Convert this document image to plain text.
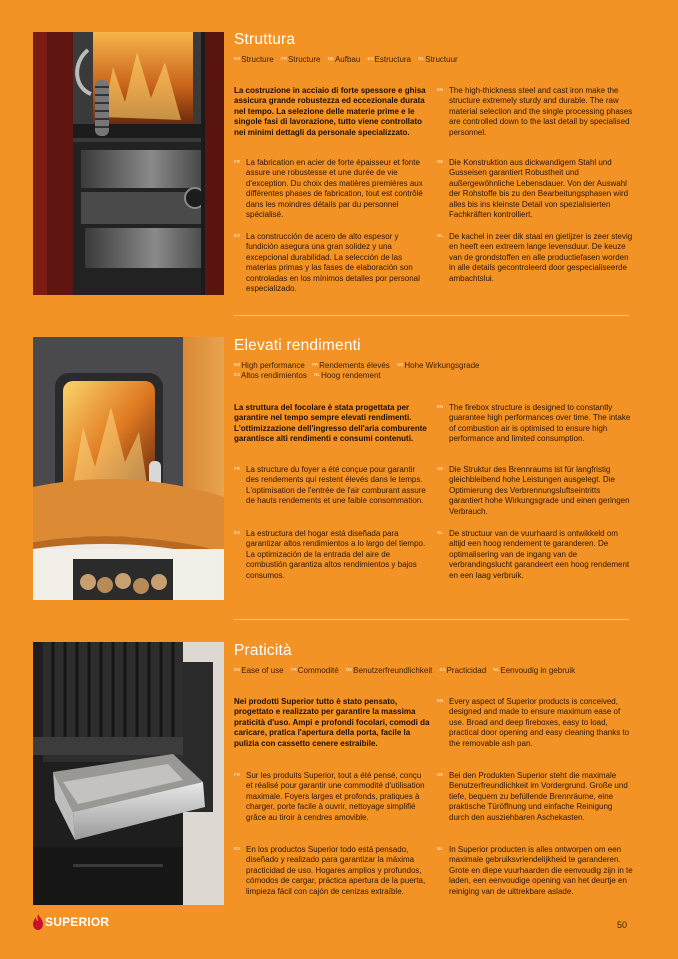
Struttura
ENStructure FRStructure DEAufbau ESEstructura NLStructuur
La costruzione in acciaio di forte spessore e ghisa assicura grande robustezza ed eccezionale durata nel tempo. La selezione delle materie prime e le singole fasi di lavorazione, tutto viene controllato nei minimi dettagli da personale specializzato.
FR La fabrication en acier de forte épaisseur et fonte assure une robustesse et une durée de vie d'exception. Du choix des matières premières aux différentes phases de fabrication, tout est contrôlé dans les moindres détails par du personnel spécialisé.
ES La construcción de acero de alto espesor y fundición asegura una gran solidez y una excepcional durabilidad. La selección de las materias primas y las fases de elaboración son controladas en los mínimos detalles por personal especializado.
EN The high-thickness steel and cast iron make the structure extremely sturdy and durable. The raw material selection and the single processing phases are controlled down to the last detail by specialised personnel.
DE Die Konstruktion aus dickwandigem Stahl und Gusseisen garantiert Robustheit und außergewöhnliche Lebensdauer. Von der Auswahl der Rohstoffe bis zu den Bearbeitungsphasen wird alles bis ins kleinste Detail von spezialisierten Fachkräften kontrolliert.
NL De kachel in zeer dik staal en gietijzer is zeer stevig en heeft een extreem lange levensduur. De keuze van de grondstoffen en alle productiefasen worden in alle details gecontroleerd door gespecialiseerde ambachtslui.
Elevati rendimenti
ENHigh performance FRRendements élevés DEHohe Wirkungsgrade ESAltos rendimientos NLHoog rendement
La struttura del focolare è stata progettata per garantire nel tempo sempre elevati rendimenti. L'ottimizzazione dell'ingresso dell'aria comburente garantisce alti rendimenti e consumi contenuti.
FR La structure du foyer a été conçue pour garantir des rendements qui restent élevés dans le temps. L'optimisation de l'entrée de l'air comburant assure de hauts rendements et une faible consommation.
ES La estructura del hogar está diseñada para garantizar altos rendimientos a lo largo del tiempo. La optimización de la entrada del aire de combustión garantiza altos rendimientos y bajos consumos.
EN The firebox structure is designed to constantly guarantee high performances over time. The intake of combustion air is optimised to ensure high performance and limited consumption.
DE Die Struktur des Brennraums ist für langfristig gleichbleibend hohe Leistungen ausgelegt. Die Optimierung des Verbrennungsluftseintritts garantiert hohe Wirkungsgrade und einen geringen Verbrauch.
NL De structuur van de vuurhaard is ontwikkeld om altijd een hoog rendement te garanderen. De optimalisering van de ingang van de verbrandingslucht garandeert een hoog rendement en een laag verbruik.
Praticità
ENEase of use FRCommodité DEBenutzerfreundlichkeit ESPracticidad NLEenvoudig in gebruik
Nei prodotti Superior tutto è stato pensato, progettato e realizzato per garantire la massima praticità d'uso. Ampi e profondi focolari, comodi da caricare, pratica l'apertura della porta, facile la pulizia con cassetto cenere estraibile.
FR Sur les produits Superior, tout a été pensé, conçu et réalisé pour garantir une commodité d'utilisation maximale. Foyers larges et profonds, pratiques à charger, porte facile à ouvrir, nettoyage simplifié grâce au tiroir à cendres amovible.
ES En los productos Superior todo está pensado, diseñado y realizado para garantizar la máxima practicidad de uso. Hogares amplios y profundos, cómodos de cargar, práctica apertura de la puerta, limpieza fácil con cajón de cenizas extraíble.
EN Every aspect of Superior products is conceived, designed and made to ensure maximum ease of use. Broad and deep fireboxes, easy to load, practical door opening and easy cleaning thanks to the removable ash pan.
DE Bei den Produkten Superior steht die maximale Benutzerfreundlichkeit im Vordergrund. Große und tiefe, bequem zu befüllende Brennräume, eine praktische Türöffnung und einfache Reinigung durch den ausziehbaren Aschekasten.
NL In Superior producten is alles ontworpen om een maximale gebruiksvriendelijkheid te garanderen. Grote en diepe vuurhaarden die eenvoudig zijn in te laden, een eenvoudige opening van het deurtje en reiniging van de uittrekbare aslade.
SUPERIOR	50
